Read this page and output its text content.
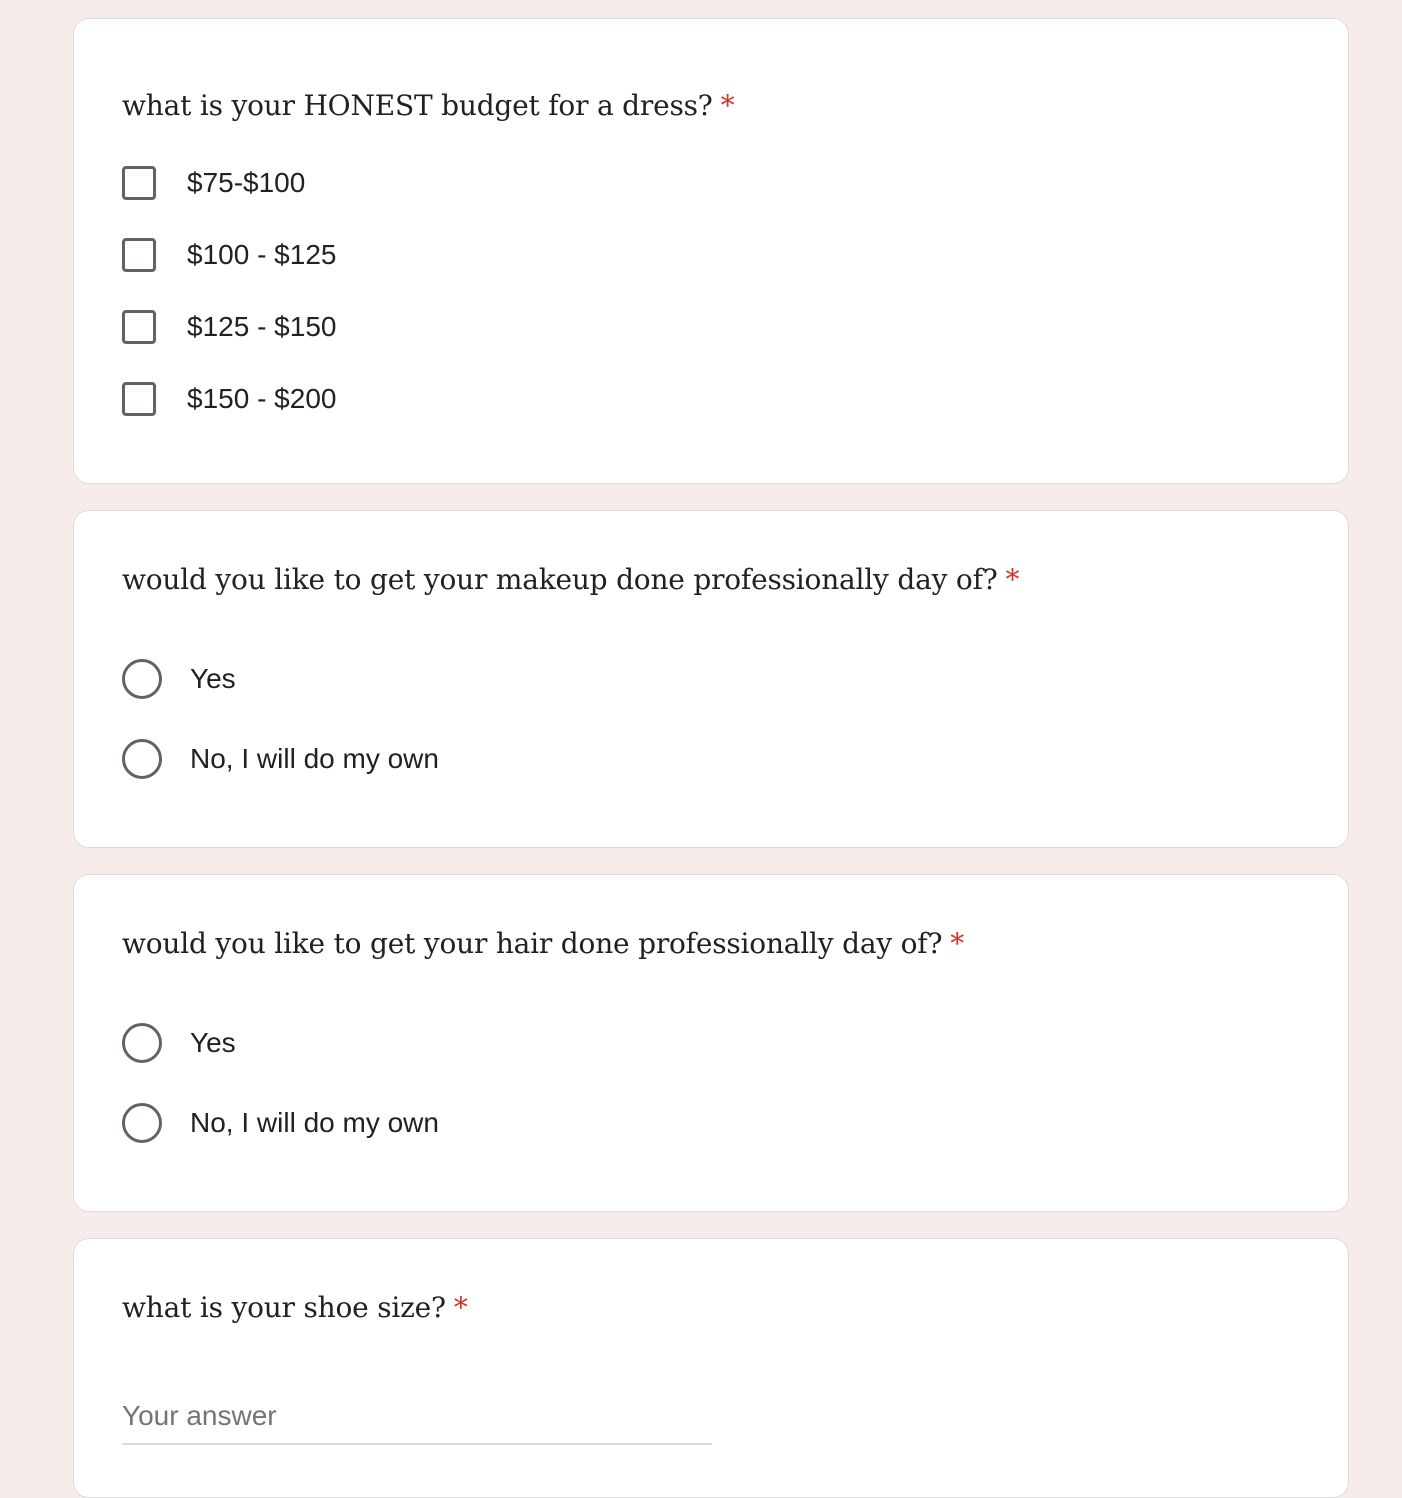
what is your HONEST budget for a dress? *
$75-$100
$100 - $125
$125 - $150
$150 - $200
would you like to get your makeup done professionally day of? *
Yes
No, I will do my own
would you like to get your hair done professionally day of? *
Yes
No, I will do my own
what is your shoe size? *
Your answer
